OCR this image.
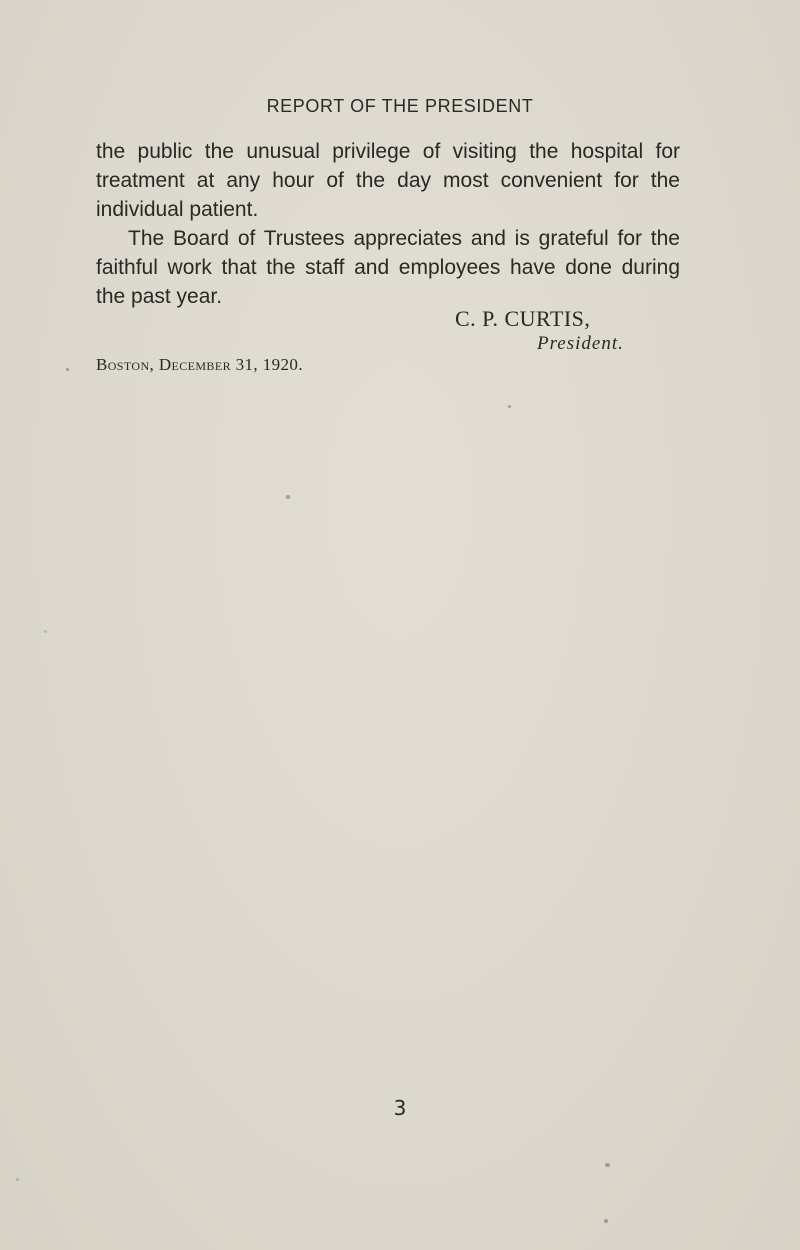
REPORT OF THE PRESIDENT

the public the unusual privilege of visiting the hospital for treatment at any hour of the day most convenient for the individual patient.

The Board of Trustees appreciates and is grateful for the faithful work that the staff and employees have done during the past year.

C. P. CURTIS,
President.
Boston, December 31, 1920.
3
